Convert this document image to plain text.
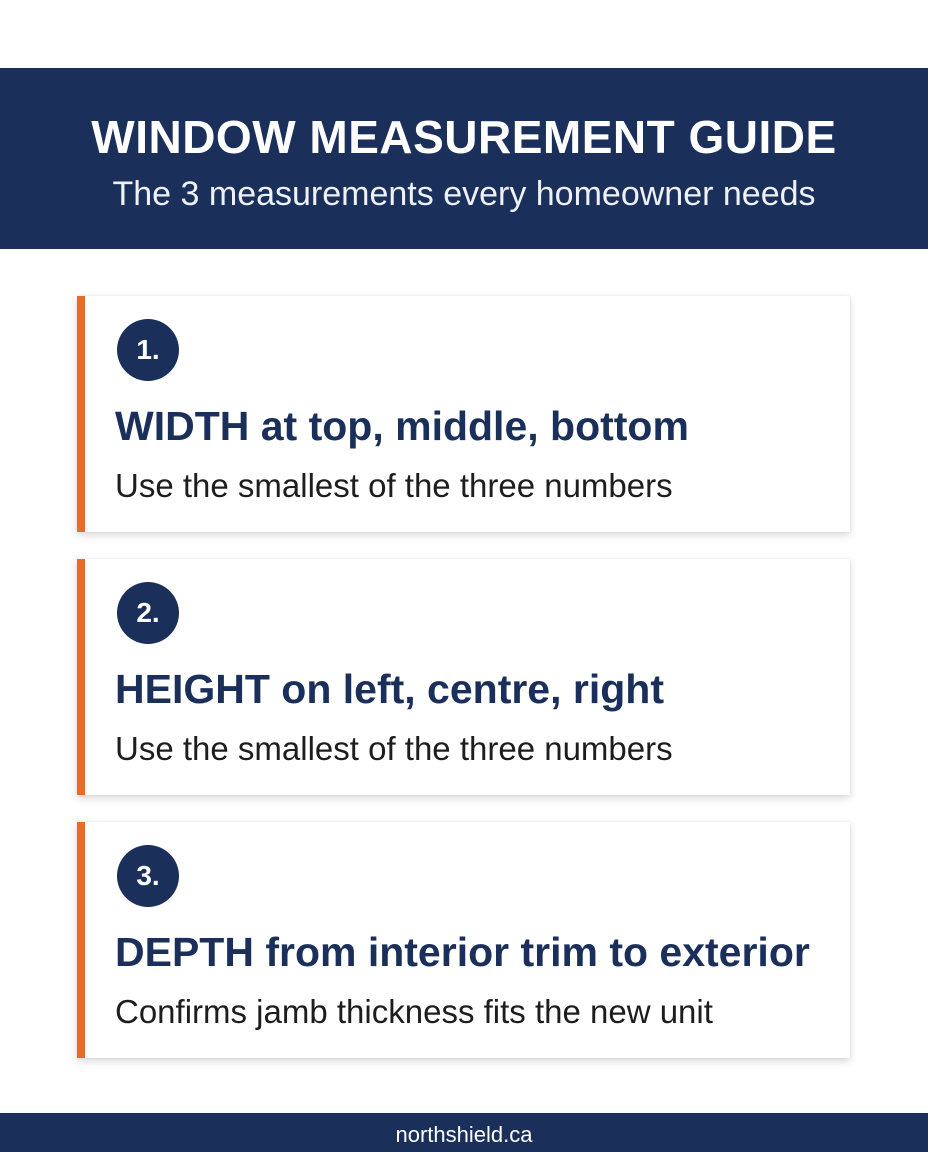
WINDOW MEASUREMENT GUIDE
The 3 measurements every homeowner needs
1.
WIDTH at top, middle, bottom

Use the smallest of the three numbers

2.
HEIGHT on left, centre, right

Use the smallest of the three numbers

3.
DEPTH from interior trim to exterior

Confirms jamb thickness fits the new unit

northshield.ca
